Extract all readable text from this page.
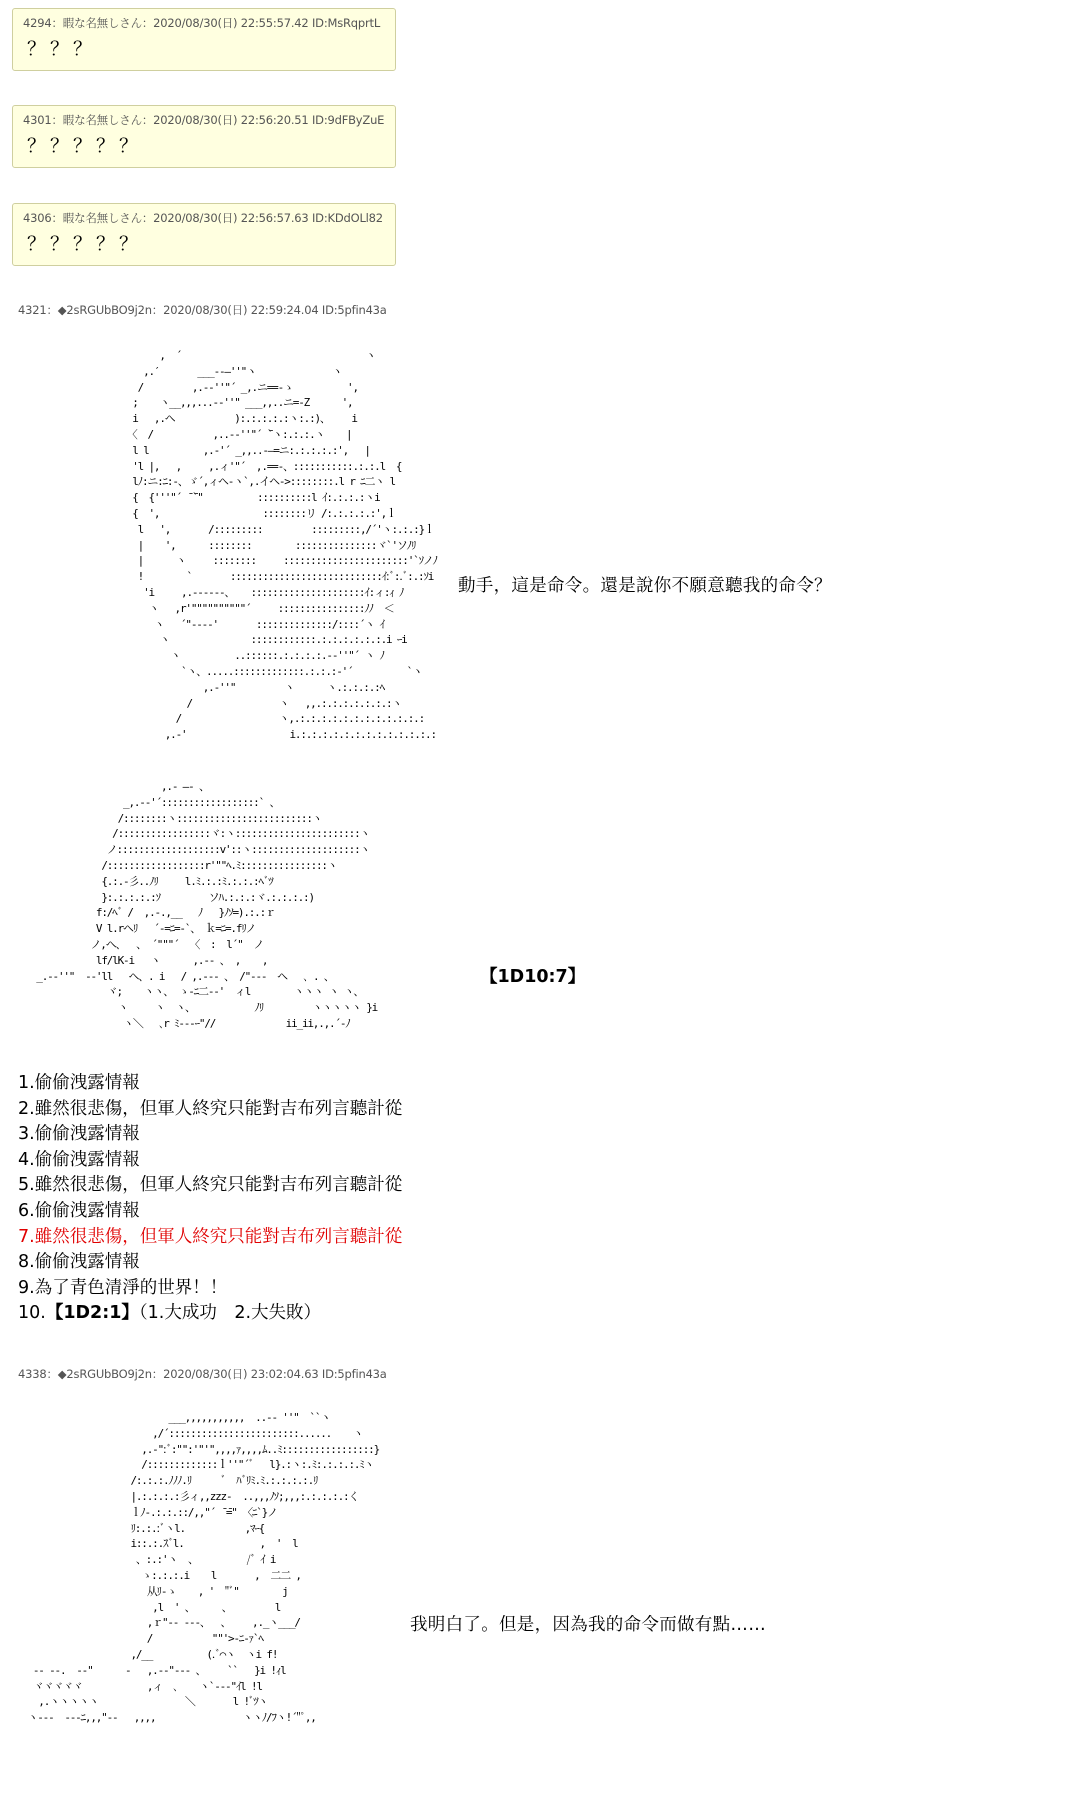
4294：暇な名無しさん：2020/08/30(日) 22:55:57.42 ID:MsRqprtL
？？？
4301：暇な名無しさん：2020/08/30(日) 22:56:20.51 ID:9dFByZuE
？？？？？
4306：暇な名無しさん：2020/08/30(日) 22:56:57.63 ID:KDdOLl82
？？？？？
4321：◆2sRGUbBO9j2n：2020/08/30(日) 22:59:24.04 ID:5pfin43a
,  ´                                  ヽ
,.′       ___--―''"ヽ              ヽ
/         ,.-‐''"´ _,.ニ==-ゝ          ',
;    ヽ__,,,...-‐''" ___,,..ニ=-Z      ',
i   ,.ヘ           ):.:.:.:.:ヽ:.:)、    i
〈  /           ,..-‐''"´ ̄`ヽ:.:.:.ヽ    |
l l          ,.-'´ _,,..-―=ニ:.:.:.:.:',   |
'l |,   ,     ,.ィ'"´  ,.==-、:::::::::::.:.:.l  {
lﾉ:ニ:ﾆ:-、ゞ´,ィヘ-ヽ`,.イヘ->::::::::.l r ﾆ二ヽ l
{  {'''"´ ̄ ̄`"          ::::::::::l ｲ:.:.:.:ヽi
{  ',                   ::::::::リ /:.:.:.:.:',ｌ
l   ',       /:::::::::         :::::::::,/´'ヽ:.:.:}ｌ
|    ',      ::::::::        :::::::::::::::ヾ`'ソﾉﾘ
|      ヽ     ::::::::     :::::::::::::::::::::::'`ｿノﾉ
!        `       ::::::::::::::::::::::::::::ｲ:ﾞ:.ﾞ:.:ｿi
'i     ,.-‐‐‐‐-、   :::::::::::::::::::::ｲ:ィ:ｨ ﾉ
ヽ   ,r'""""""""""´     ::::::::::::::::ﾉﾉ  ＜
ヽ   ´"--‐‐'       ::::::::::::::/::::´ヽ ｲ
ヽ               ::::::::::::.:.:.:.:.:.:.i ｰi
ヽ          ..::::::.:.:.:.:.-‐''"´ ヽ ﾉ
`ヽ、.....:::::::::::::.:.:.:-'´          `ヽ
,.‐''"         ヽ      ヽ.:.:.:.:ﾍ
/                ヽ   ,,.:.:.:.:.:.:.:ヽ
/                  ヽ,.:.:.:.:.:.:.:.:.:.:.:.:
,.-'                   i.:.:.:.:.:.:.:.:.:.:.:.:.:
動手，這是命令。還是說你不願意聽我的命令？
,.‐ ―‐ 、
_,.-‐'´::::::::::::::::::` 、
/::::::::ヽ:::::::::::::::::::::::::ヽ
/:::::::::::::::::ヾ:ヽ:::::::::::::::::::::::ヽ
ノ:::::::::::::::::::v'::ヽ::::::::::::::::::::ヽ
/::::::::::::::::::r'""ﾍ.ﾐ::::::::::::::::ヽ
{.:.-彡..ﾉﾘ     l.ﾐ.:.:ﾐ.:.:.:ﾍﾞﾂ
}:.:.:.:.:ｿ         ソﾊ.:.:.:ヾ.:.:.:.:)
f:/ﾍﾞ /  ,.-.,__   ﾉ   }ﾉｿ=).:.:ｒ
V l.rヘﾘ   ´-=ﾆ=-`、 ｋ=ﾆ=.fﾘノ
ノ,ヘ、  、 ´"""´  〈  :  l´"  ノ
lf/lK-i   ヽ      ,.-‐ 、 ,    ,
_.-‐''"  -‐'ll   ヘ、. i   / ,.-‐‐ 、 /"‐‐-  ヘ   ､ . 、
ヾ;    ヽヽ、 ゝ-ﾆ二‐‐'  ィl        ヽヽヽ ヽ ヽ、
ヽ     ヽ  ヽ、           ﾉﾘ         ヽヽヽヽヽ }i
ヽ＼   ､r ﾐ‐‐‐ｰ"//             ii_ii,.,.´‐ﾉ
【1D10:7】
1.偷偷洩露情報
2.雖然很悲傷，但軍人終究只能對吉布列言聽計從
3.偷偷洩露情報
4.偷偷洩露情報
5.雖然很悲傷，但軍人終究只能對吉布列言聽計從
6.偷偷洩露情報
7.雖然很悲傷，但軍人終究只能對吉布列言聽計從
8.偷偷洩露情報
9.為了青色清淨的世界！！
10.【1D2:1】（1.大成功　2.大失敗）
4338：◆2sRGUbBO9j2n：2020/08/30(日) 23:02:04.63 ID:5pfin43a
___,,,,,,,,,,,  ..-‐ ''"  ``ヽ
,/´::::::::::::::::::::::::......    ヽ
,.-":ﾞ:"":'"'",,,,ｧ,,,,ﾑ..ﾐ:::::::::::::::::}
/:::::::::::::ｌ''"´ﾞ   l}.:ヽ:.ﾐ:.:.:.:.ﾐヽ
/:.:.:.ﾉﾉﾉ.ﾘ      ﾞ  ﾊﾞﾘﾐ.ﾐ.:.:.:.:.ﾘ
|.:.:.:.:彡ィ,,zzz-  ..,,,ﾉｿ;,,,:.:.:.:.:く
ｌﾉ-.:.:.::/,,"´ ̄ ̄=" 〈ﾆ`}ノ
ﾘ:.:.:ﾞヽl.           ,ﾏｰ{
i::.:.ｽﾞl.              ,  '  l
、:.:'ヽ  、         /ﾞ ｲ i
ゝ:.:.:.i    l       ,  二二 ,
从ﾘ-ゝ    , '  "ﾞ"        j
,l  ' 、     、        l
,ｒ"‐‐ ‐‐-、  、    ,._ヽ___/
/           ""'>‐ﾆ‐ｧ`ﾍ
,/__          (.ﾞ⌒ヽ  ヽi f!
-- --.  -‐"      ‐   ,.-‐"‐‐‐ 、    ``   }i !ｨl
ヾヾヾヾヾ            ,ィ  ､    ヽ`-‐‐"ｲl !l
,.ヽヽヽヽヽ                ＼       l !ﾞﾂヽ
ヽ‐‐‐  ‐‐‐ﾆ,,,"‐‐   ,,,,                ヽヽﾉ/ﾌヽ!´"ﾟ,,
我明白了。但是，因為我的命令而做有點……
